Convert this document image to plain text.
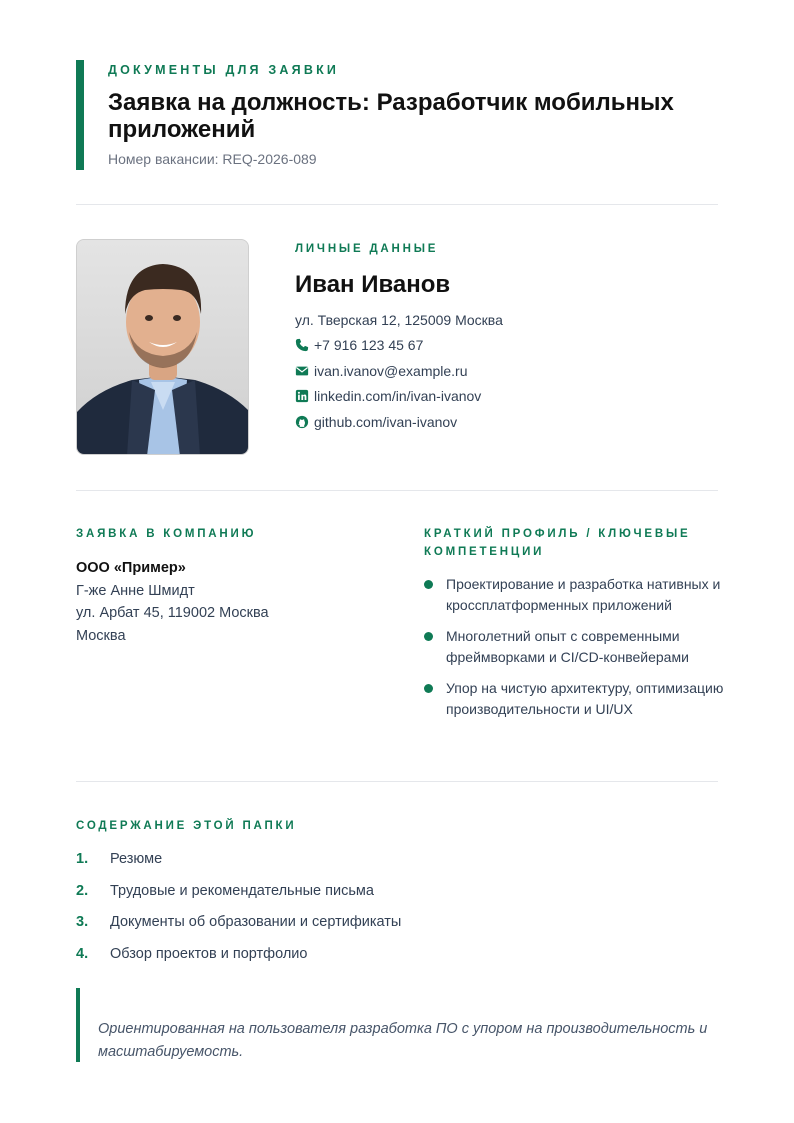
ДОКУМЕНТЫ ДЛЯ ЗАЯВКИ
Заявка на должность: Разработчик мобильных приложений
Номер вакансии: REQ-2026-089
ЛИЧНЫЕ ДАННЫЕ
Иван Иванов
ул. Тверская 12, 125009 Москва
+7 916 123 45 67
ivan.ivanov@example.ru
linkedin.com/in/ivan-ivanov
github.com/ivan-ivanov
ЗАЯВКА В КОМПАНИЮ
ООО «Пример»
Г-же Анне Шмидт
ул. Арбат 45, 119002 Москва
Москва
КРАТКИЙ ПРОФИЛЬ / КЛЮЧЕВЫЕ КОМПЕТЕНЦИИ
Проектирование и разработка нативных и кроссплатформенных приложений
Многолетний опыт с современными фреймворками и CI/CD-конвейерами
Упор на чистую архитектуру, оптимизацию производительности и UI/UX
СОДЕРЖАНИЕ ЭТОЙ ПАПКИ
1.	Резюме
2.	Трудовые и рекомендательные письма
3.	Документы об образовании и сертификаты
4.	Обзор проектов и портфолио
Ориентированная на пользователя разработка ПО с упором на производительность и масштабируемость.
